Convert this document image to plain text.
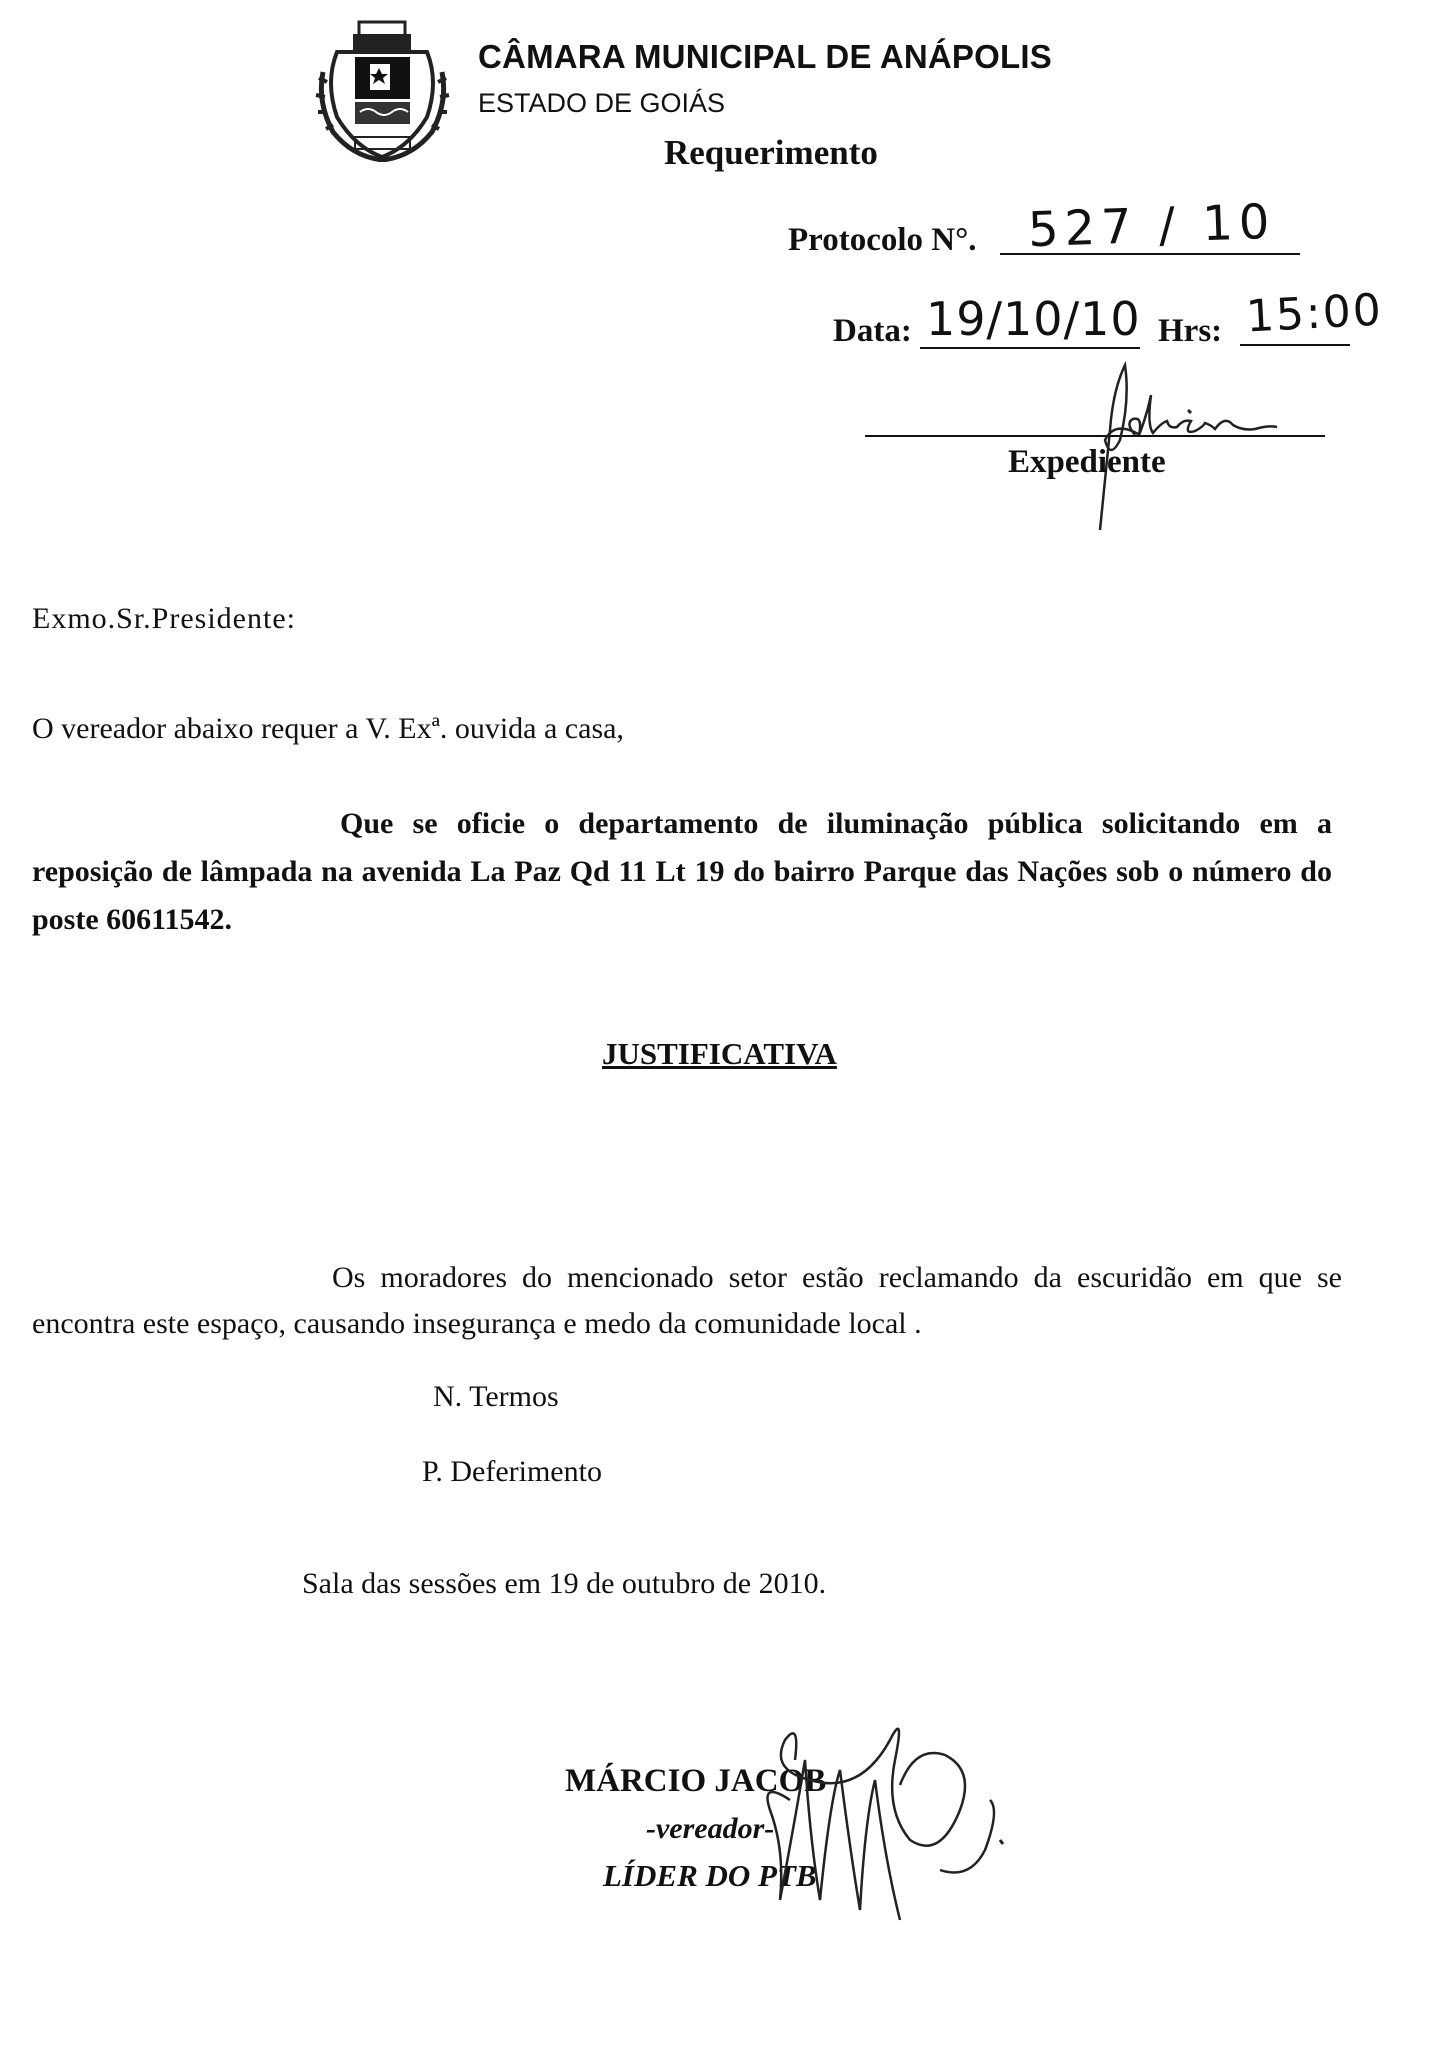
CÂMARA MUNICIPAL DE ANÁPOLIS
ESTADO DE GOIÁS
Requerimento
Protocolo N°. 527 / 10
Data: 19/10/10 Hrs: 15:00
Expediente
Exmo.Sr.Presidente:
O vereador abaixo requer a V. Exª. ouvida a casa,
Que se oficie o departamento de iluminação pública solicitando em a reposição de lâmpada na avenida La Paz Qd 11 Lt 19 do bairro Parque das Nações sob o número do poste 60611542.
JUSTIFICATIVA
Os moradores do mencionado setor estão reclamando da escuridão em que se encontra este espaço, causando insegurança e medo da comunidade local .
N. Termos
P. Deferimento
Sala das sessões em 19 de outubro de 2010.
MÁRCIO JACOB
-vereador-
LÍDER DO PTB
